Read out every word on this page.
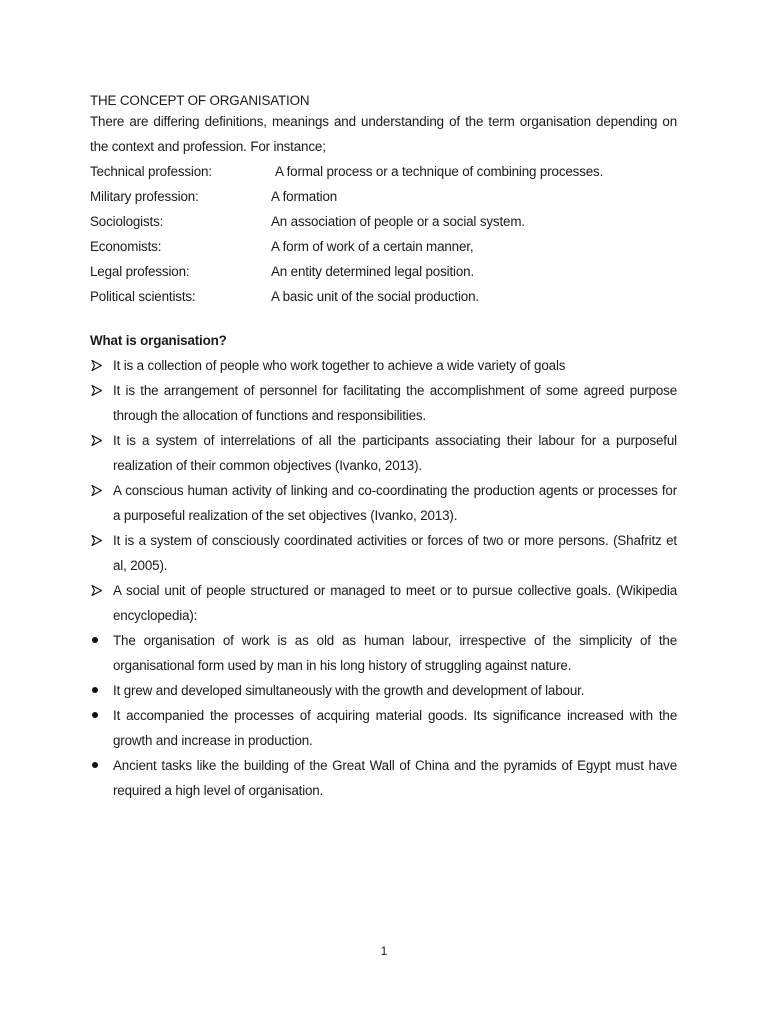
THE CONCEPT OF ORGANISATION

There are differing definitions, meanings and understanding of the term organisation depending on the context and profession. For instance;

Technical profession:	A formal process or a technique of combining processes.
Military profession:	A formation
Sociologists:	An association of people or a social system.
Economists:	A form of work of a certain manner,
Legal profession:	An entity determined legal position.
Political scientists:	A basic unit of the social production.

What is organisation?

It is a collection of people who work together to achieve a wide variety of goals
It is the arrangement of personnel for facilitating the accomplishment of some agreed purpose through the allocation of functions and responsibilities.
It is a system of interrelations of all the participants associating their labour for a purposeful realization of their common objectives (Ivanko, 2013).
A conscious human activity of linking and co-coordinating the production agents or processes for a purposeful realization of the set objectives (Ivanko, 2013).
It is a system of consciously coordinated activities or forces of two or more persons. (Shafritz et al, 2005).
A social unit of people structured or managed to meet or to pursue collective goals. (Wikipedia encyclopedia):
The organisation of work is as old as human labour, irrespective of the simplicity of the organisational form used by man in his long history of struggling against nature.
It grew and developed simultaneously with the growth and development of labour.
It accompanied the processes of acquiring material goods. Its significance increased with the growth and increase in production.
Ancient tasks like the building of the Great Wall of China and the pyramids of Egypt must have required a high level of organisation.
1
